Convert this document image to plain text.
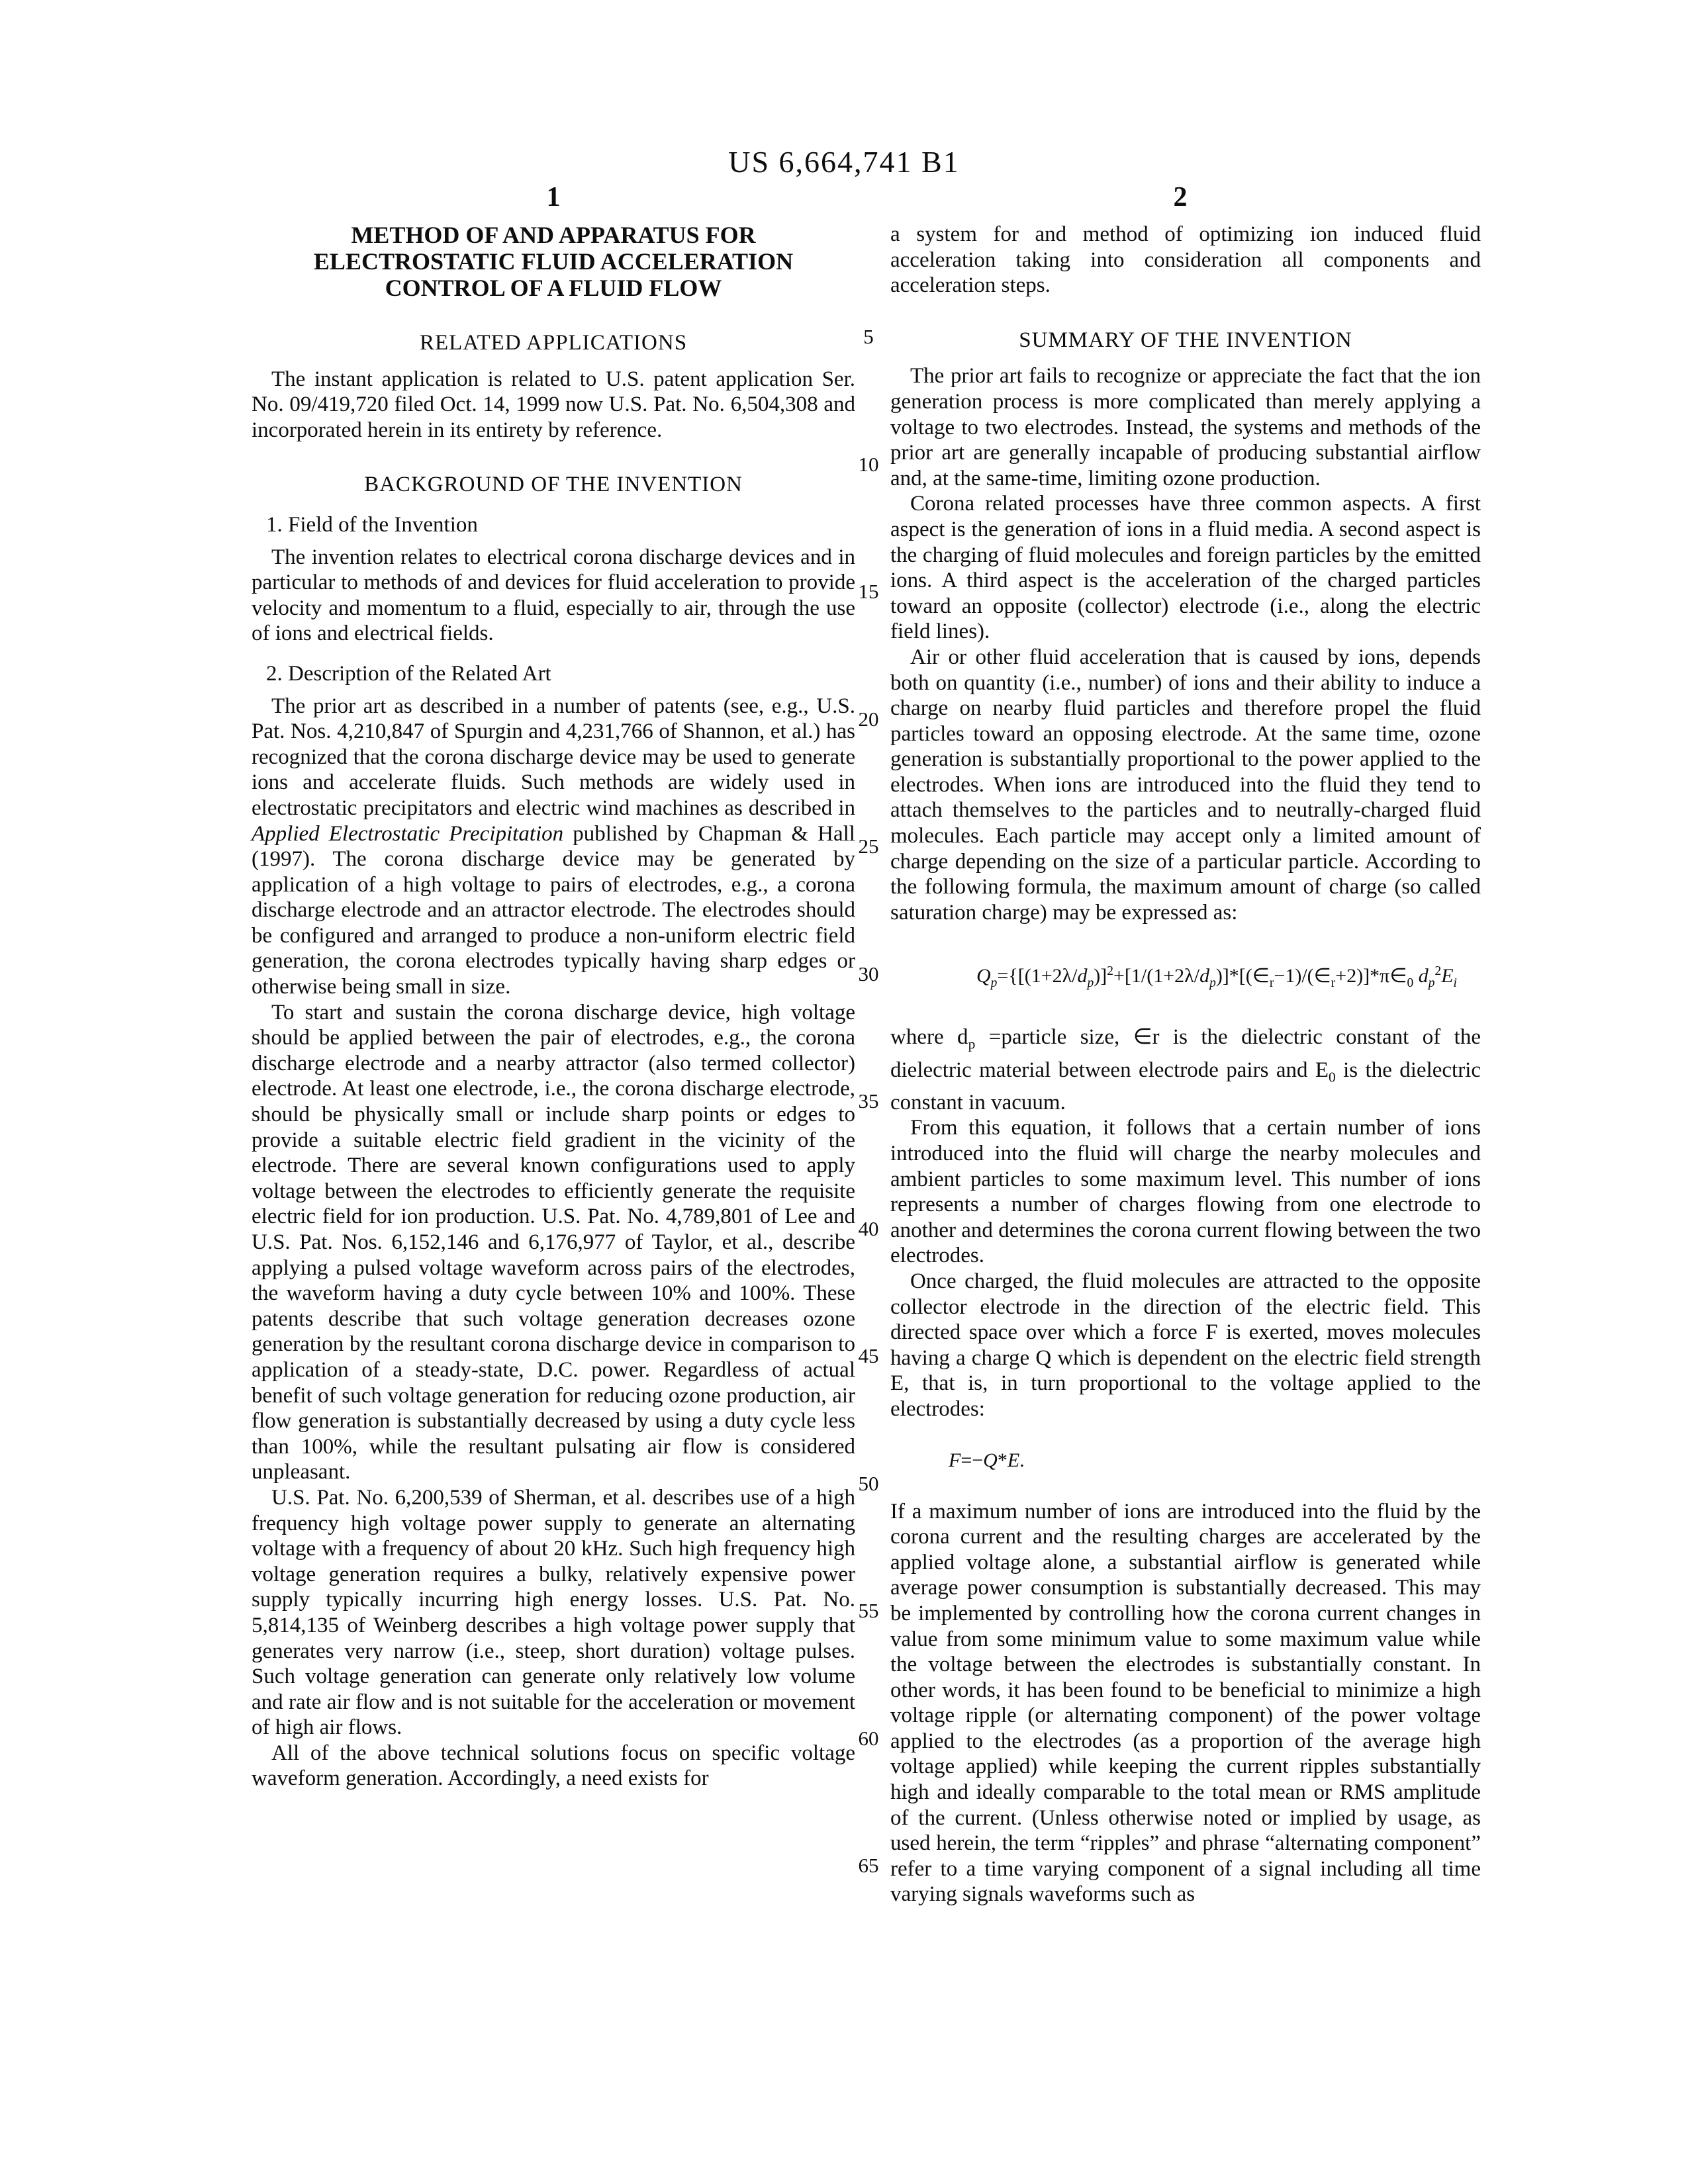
US 6,664,741 B1
1	2
5
10
15
20
25
30
35
40
45
50
55
60
65
METHOD OF AND APPARATUS FOR
ELECTROSTATIC FLUID ACCELERATION
CONTROL OF A FLUID FLOW
RELATED APPLICATIONS

The instant application is related to U.S. patent application Ser. No. 09/419,720 filed Oct. 14, 1999 now U.S. Pat. No. 6,504,308 and incorporated herein in its entirety by reference.

BACKGROUND OF THE INVENTION
1. Field of the Invention

The invention relates to electrical corona discharge devices and in particular to methods of and devices for fluid acceleration to provide velocity and momentum to a fluid, especially to air, through the use of ions and electrical fields.

2. Description of the Related Art

The prior art as described in a number of patents (see, e.g., U.S. Pat. Nos. 4,210,847 of Spurgin and 4,231,766 of Shannon, et al.) has recognized that the corona discharge device may be used to generate ions and accelerate fluids. Such methods are widely used in electrostatic precipitators and electric wind machines as described in Applied Electrostatic Precipitation published by Chapman & Hall (1997). The corona discharge device may be generated by application of a high voltage to pairs of electrodes, e.g., a corona discharge electrode and an attractor electrode. The electrodes should be configured and arranged to produce a non-uniform electric field generation, the corona electrodes typically having sharp edges or otherwise being small in size.

To start and sustain the corona discharge device, high voltage should be applied between the pair of electrodes, e.g., the corona discharge electrode and a nearby attractor (also termed collector) electrode. At least one electrode, i.e., the corona discharge electrode, should be physically small or include sharp points or edges to provide a suitable electric field gradient in the vicinity of the electrode. There are several known configurations used to apply voltage between the electrodes to efficiently generate the requisite electric field for ion production. U.S. Pat. No. 4,789,801 of Lee and U.S. Pat. Nos. 6,152,146 and 6,176,977 of Taylor, et al., describe applying a pulsed voltage waveform across pairs of the electrodes, the waveform having a duty cycle between 10% and 100%. These patents describe that such voltage generation decreases ozone generation by the resultant corona discharge device in comparison to application of a steady-state, D.C. power. Regardless of actual benefit of such voltage generation for reducing ozone production, air flow generation is substantially decreased by using a duty cycle less than 100%, while the resultant pulsating air flow is considered unpleasant.

U.S. Pat. No. 6,200,539 of Sherman, et al. describes use of a high frequency high voltage power supply to generate an alternating voltage with a frequency of about 20 kHz. Such high frequency high voltage generation requires a bulky, relatively expensive power supply typically incurring high energy losses. U.S. Pat. No. 5,814,135 of Weinberg describes a high voltage power supply that generates very narrow (i.e., steep, short duration) voltage pulses. Such voltage generation can generate only relatively low volume and rate air flow and is not suitable for the acceleration or movement of high air flows.

All of the above technical solutions focus on specific voltage waveform generation. Accordingly, a need exists for

a system for and method of optimizing ion induced fluid acceleration taking into consideration all components and acceleration steps.

SUMMARY OF THE INVENTION

The prior art fails to recognize or appreciate the fact that the ion generation process is more complicated than merely applying a voltage to two electrodes. Instead, the systems and methods of the prior art are generally incapable of producing substantial airflow and, at the same-time, limiting ozone production.

Corona related processes have three common aspects. A first aspect is the generation of ions in a fluid media. A second aspect is the charging of fluid molecules and foreign particles by the emitted ions. A third aspect is the acceleration of the charged particles toward an opposite (collector) electrode (i.e., along the electric field lines).

Air or other fluid acceleration that is caused by ions, depends both on quantity (i.e., number) of ions and their ability to induce a charge on nearby fluid particles and therefore propel the fluid particles toward an opposing electrode. At the same time, ozone generation is substantially proportional to the power applied to the electrodes. When ions are introduced into the fluid they tend to attach themselves to the particles and to neutrally-charged fluid molecules. Each particle may accept only a limited amount of charge depending on the size of a particular particle. According to the following formula, the maximum amount of charge (so called saturation charge) may be expressed as:

$Q_p=\{[(1+2\lambda/d_p)]^2+[1/(1+2\lambda/d_p)]*[(\in_r-1)/(\in_r+2)]*\pi\in_0$ $d_p^2E_i$

where $d_p$ =particle size, ∈r is the dielectric constant of the dielectric material between electrode pairs and $E_0$ is the dielectric constant in vacuum.

From this equation, it follows that a certain number of ions introduced into the fluid will charge the nearby molecules and ambient particles to some maximum level. This number of ions represents a number of charges flowing from one electrode to another and determines the corona current flowing between the two electrodes.

Once charged, the fluid molecules are attracted to the opposite collector electrode in the direction of the electric field. This directed space over which a force F is exerted, moves molecules having a charge Q which is dependent on the electric field strength E, that is, in turn proportional to the voltage applied to the electrodes:

F=−Q*E.

If a maximum number of ions are introduced into the fluid by the corona current and the resulting charges are accelerated by the applied voltage alone, a substantial airflow is generated while average power consumption is substantially decreased. This may be implemented by controlling how the corona current changes in value from some minimum value to some maximum value while the voltage between the electrodes is substantially constant. In other words, it has been found to be beneficial to minimize a high voltage ripple (or alternating component) of the power voltage applied to the electrodes (as a proportion of the average high voltage applied) while keeping the current ripples substantially high and ideally comparable to the total mean or RMS amplitude of the current. (Unless otherwise noted or implied by usage, as used herein, the term “ripples” and phrase “alternating component” refer to a time varying component of a signal including all time varying signals waveforms such as
